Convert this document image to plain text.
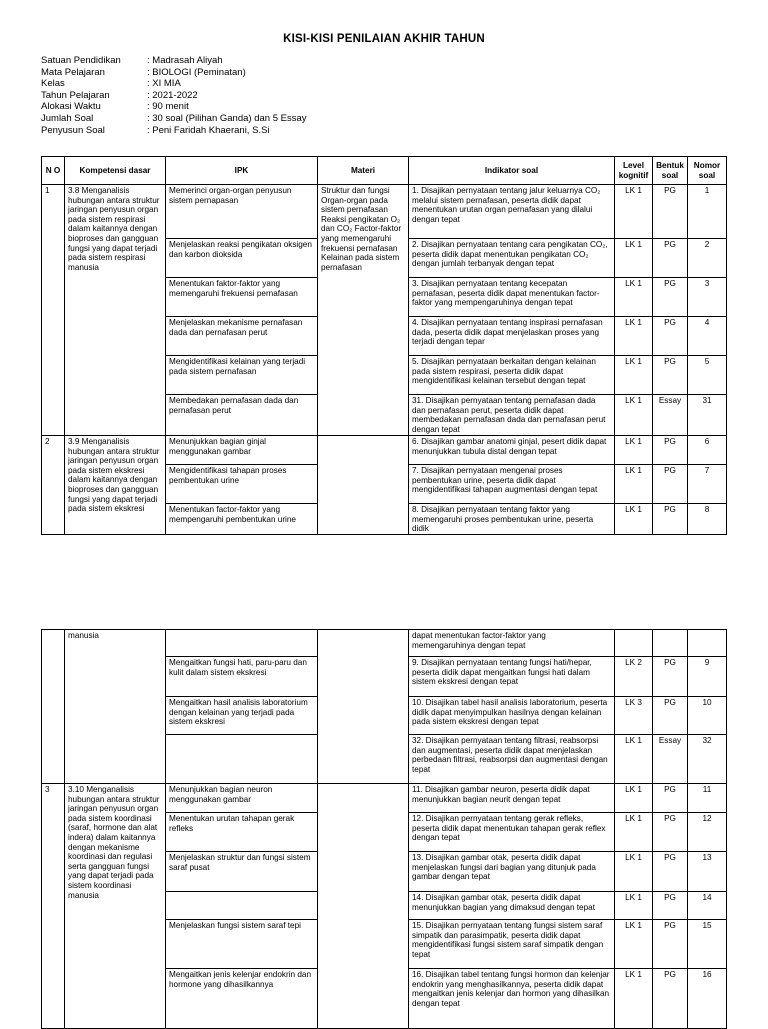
KISI-KISI PENILAIAN AKHIR TAHUN
Satuan Pendidikan	: Madrasah Aliyah
Mata Pelajaran	: BIOLOGI (Peminatan)
Kelas	: XI MIA
Tahun Pelajaran	: 2021-2022
Alokasi Waktu	: 90 menit
Jumlah Soal	: 30 soal (Pilihan Ganda) dan 5 Essay
Penyusun Soal	: Peni Faridah Khaerani, S.Si
N O	Kompetensi dasar	IPK	Materi	Indikator soal	Level kognitif	Bentuk soal	Nomor soal
1	3.8 Menganalisis hubungan antara struktur jaringan penyusun organ pada sistem respirasi dalam kaitannya dengan bioproses dan gangguan fungsi yang dapat terjadi pada sistem respirasi manusia	Memerinci organ-organ penyusun sistem pernapasan	Struktur dan fungsi Organ-organ pada sistem pernafasan Reaksi pengikatan O₂ dan CO₂ Factor-faktor yang memengaruhi frekuensi pernafasan Kelainan pada sistem pernafasan	1. Disajikan pernyataan tentang jalur keluarnya CO₂ melalui sistem pernafasan, peserta didik dapat menentukan urutan organ pernafasan yang dilalui dengan tepat	LK 1	PG	1
		Menjelaskan reaksi pengikatan oksigen dan karbon dioksida		2. Disajikan pernyataan tentang cara pengikatan CO₂, peserta didik dapat menentukan pengikatan CO₂ dengan jumlah terbanyak dengan tepat	LK 1	PG	2
		Menentukan faktor-faktor yang memengaruhi frekuensi pernafasan		3. Disajikan pernyataan tentang kecepatan pernafasan, peserta didik dapat menentukan factor-faktor yang mempengaruhinya dengan tepat	LK 1	PG	3
		Menjelaskan mekanisme pernafasan dada dan pernafasan perut		4. Disajikan pernyataan tentang inspirasi pernafasan dada, peserta didik dapat menjelaskan proses yang terjadi dengan tepar	LK 1	PG	4
		Mengidentifikasi kelainan yang terjadi pada sistem pernafasan		5. Disajikan pernyataan berkaitan dengan kelainan pada sistem respirasi, peserta didik dapat mengidentifikasi kelainan tersebut dengan tepat	LK 1	PG	5
		Membedakan pernafasan dada dan pernafasan perut		31. Disajikan pernyataan tentang pernafasan dada dan pernafasan perut, peserta didik dapat membedakan pernafasan dada dan pernafasan perut dengan tepat	LK 1	Essay	31
2	3.9 Menganalisis hubungan antara struktur jaringan penyusun organ pada sistem ekskresi dalam kaitannya dengan bioproses dan gangguan fungsi yang dapat terjadi pada sistem ekskresi	Menunjukkan bagian ginjal menggunakan gambar		6. Disajikan gambar anatomi ginjal, pesert didik dapat menunjukkan tubula distal dengan tepat	LK 1	PG	6
		Mengidentifikasi tahapan proses pembentukan urine		7. Disajikan pernyataan mengenai proses pembentukan urine, peserta didik dapat mengidentifikasi tahapan augmentasi dengan tepat	LK 1	PG	7
		Menentukan factor-faktor yang mempengaruhi pembentukan urine		8. Disajikan pernyataan tentang faktor yang memengaruhi proses pembentukan urine, peserta didik	LK 1	PG	8
	manusia			dapat menentukan factor-faktor yang memengaruhinya dengan tepat			
		Mengaitkan fungsi hati, paru-paru dan kulit dalam sistem ekskresi		9. Disajikan pernyataan tentang fungsi hati/hepar, peserta didik dapat mengaitkan fungsi hati dalam sistem ekskresi dengan tepat	LK 2	PG	9
		Mengaitkan hasil analisis laboratorium dengan kelainan yang terjadi pada sistem ekskresi		10. Disajikan tabel hasil analisis laboratorium, peserta didik dapat menyimpulkan hasilnya dengan kelainan pada sistem ekskresi dengan tepat	LK 3	PG	10
				32. Disajikan pernyataan tentang filtrasi, reabsorpsi dan augmentasi, peserta didik dapat menjelaskan perbedaan filtrasi, reabsorpsi dan augmentasi dengan tepat	LK 1	Essay	32
3	3.10 Menganalisis hubungan antara struktur jaringan penyusun organ pada sistem koordinasi (saraf, hormone dan alat indera) dalam kaitannya dengan mekanisme koordinasi dan regulasi serta gangguan fungsi yang dapat terjadi pada sistem koordinasi manusia	Menunjukkan bagian neuron menggunakan gambar		11. Disajikan gambar neuron, peserta didik dapat menunjukkan bagian neurit dengan tepat	LK 1	PG	11
		Menentukan urutan tahapan gerak refleks		12. Disajikan pernyataan tentang gerak refleks, peserta didik dapat menentukan tahapan gerak reflex dengan tepat	LK 1	PG	12
		Menjelaskan struktur dan fungsi sistem saraf pusat		13. Disajikan gambar otak, peserta didik dapat menjelaskan fungsi dari bagian yang ditunjuk pada gambar dengan tepat	LK 1	PG	13
				14. Disajikan gambar otak, peserta didik dapat menunjukkan bagian yang dimaksud dengan tepat	LK 1	PG	14
		Menjelaskan fungsi sistem saraf tepi		15. Disajikan pernyataan tentang fungsi sistem saraf simpatik dan parasimpatik, peserta didik dapat mengidentifikasi fungsi sistem saraf simpatik dengan tepat	LK 1	PG	15
		Mengaitkan jenis kelenjar endokrin dan hormone yang dihasilkannya		16. Disajikan tabel tentang fungsi hormon dan kelenjar endokrin yang menghasilkannya, peserta didik dapat mengaitkan jenis kelenjar dan hormon yang dihasilkan dengan tepat	LK 1	PG	16
